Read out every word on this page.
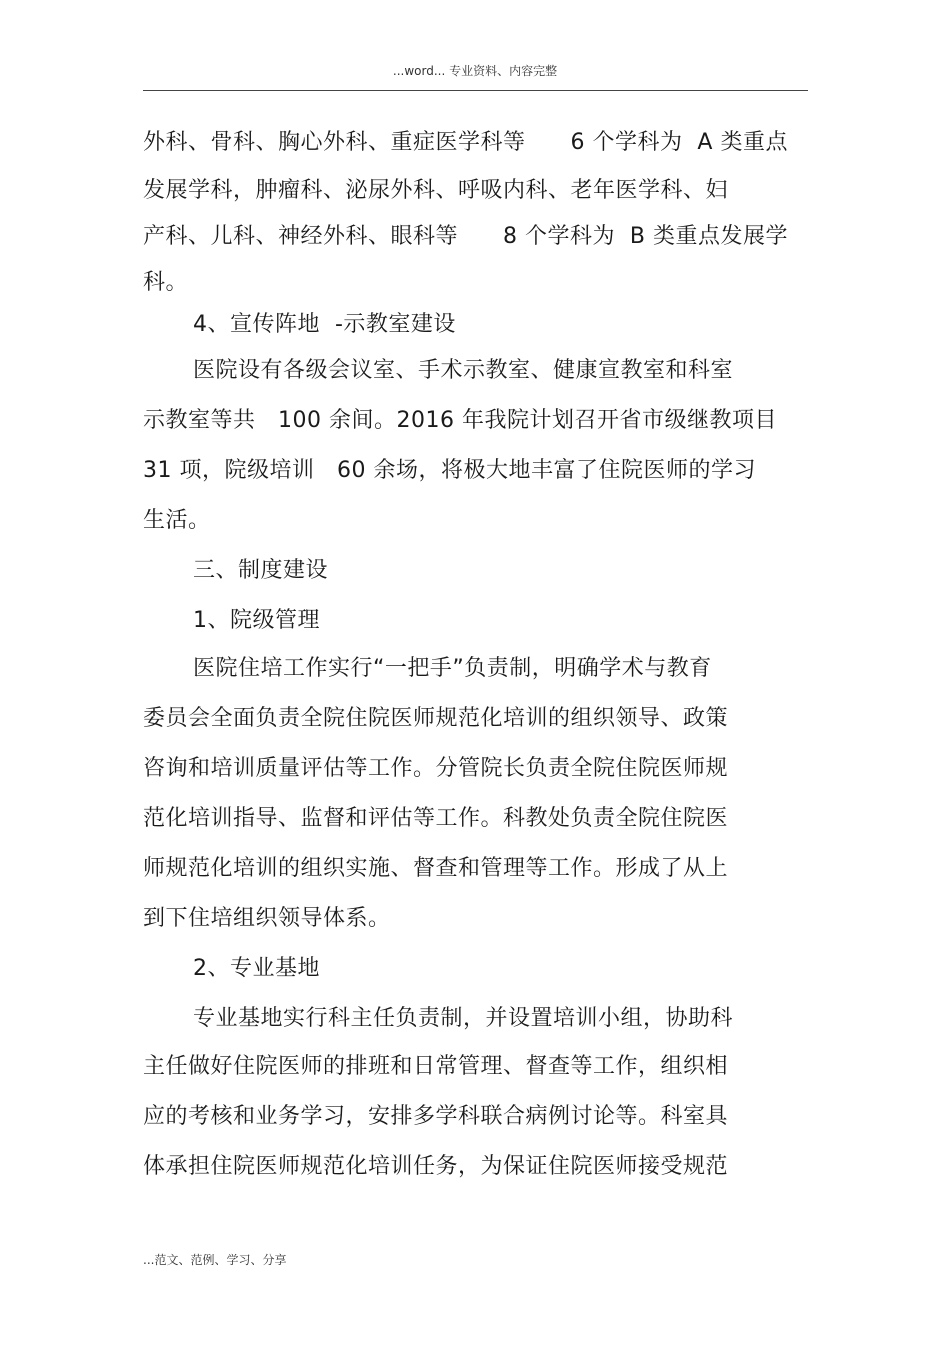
...word... 专业资料、内容完整
外科、骨科、胸心外科、重症医学科等      6 个学科为  A 类重点
发展学科，肿瘤科、泌尿外科、呼吸内科、老年医学科、妇
产科、儿科、神经外科、眼科等      8 个学科为  B 类重点发展学
科。
4、宣传阵地  -示教室建设
医院设有各级会议室、手术示教室、健康宣教室和科室
示教室等共   100 余间。2016 年我院计划召开省市级继教项目
31 项，院级培训   60 余场，将极大地丰富了住院医师的学习
生活。
三、制度建设
1、院级管理
医院住培工作实行“一把手”负责制，明确学术与教育
委员会全面负责全院住院医师规范化培训的组织领导、政策
咨询和培训质量评估等工作。分管院长负责全院住院医师规
范化培训指导、监督和评估等工作。科教处负责全院住院医
师规范化培训的组织实施、督查和管理等工作。形成了从上
到下住培组织领导体系。
2、专业基地
专业基地实行科主任负责制，并设置培训小组，协助科
主任做好住院医师的排班和日常管理、督查等工作，组织相
应的考核和业务学习，安排多学科联合病例讨论等。科室具
体承担住院医师规范化培训任务，为保证住院医师接受规范
...范文、范例、学习、分享
